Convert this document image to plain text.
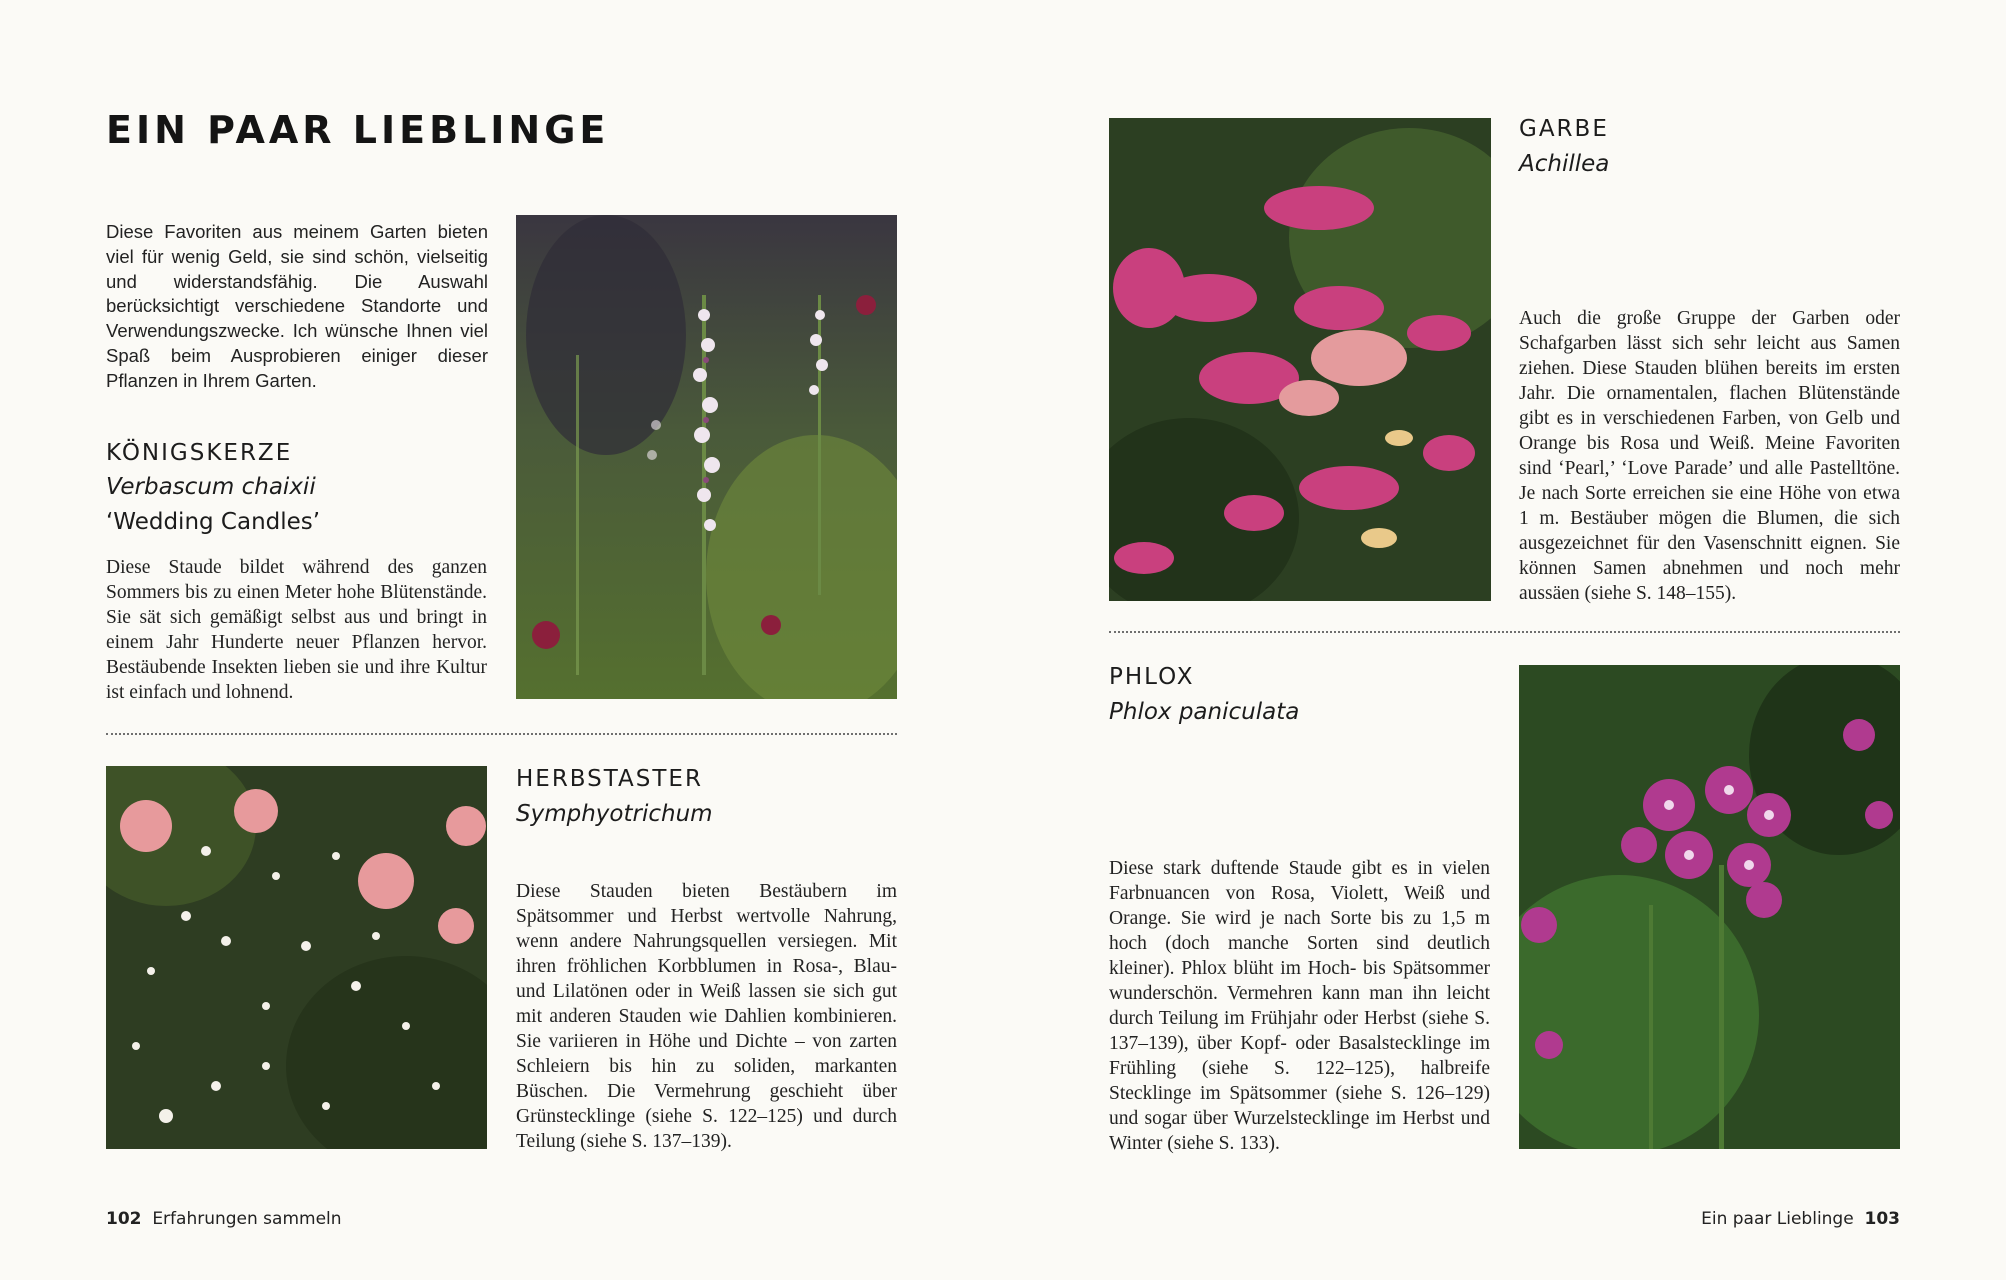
EIN PAAR LIEBLINGE
Diese Favoriten aus meinem Garten bieten viel für wenig Geld, sie sind schön, vielseitig und widerstandsfähig. Die Auswahl berücksichtigt verschiedene Standorte und Verwendungszwecke. Ich wünsche Ihnen viel Spaß beim Ausprobieren einiger dieser Pflanzen in Ihrem Garten.
KÖNIGSKERZE
Verbascum chaixii
‘Wedding Candles’
Diese Staude bildet während des ganzen Sommers bis zu einen Meter hohe Blütenstände. Sie sät sich gemäßigt selbst aus und bringt in einem Jahr Hunderte neuer Pflanzen hervor. Bestäubende Insekten lieben sie und ihre Kultur ist einfach und lohnend.
HERBSTASTER
Symphyotrichum
Diese Stauden bieten Bestäubern im Spätsommer und Herbst wertvolle Nahrung, wenn andere Nahrungsquellen versiegen. Mit ihren fröhlichen Korbblumen in Rosa-, Blau- und Lilatönen oder in Weiß lassen sie sich gut mit anderen Stauden wie Dahlien kombinieren. Sie variieren in Höhe und Dichte – von zarten Schleiern bis hin zu soliden, markanten Büschen. Die Vermehrung geschieht über Grünstecklinge (siehe S. 122–125) und durch Teilung (siehe S. 137–139).
102 Erfahrungen sammeln
GARBE
Achillea
Auch die große Gruppe der Garben oder Schafgarben lässt sich sehr leicht aus Samen ziehen. Diese Stauden blühen bereits im ersten Jahr. Die ornamentalen, flachen Blütenstände gibt es in verschiedenen Farben, von Gelb und Orange bis Rosa und Weiß. Meine Favoriten sind ‘Pearl,’ ‘Love Parade’ und alle Pastelltöne. Je nach Sorte erreichen sie eine Höhe von etwa 1 m. Bestäuber mögen die Blumen, die sich ausgezeichnet für den Vasenschnitt eignen. Sie können Samen abnehmen und noch mehr aussäen (siehe S. 148–155).
PHLOX
Phlox paniculata
Diese stark duftende Staude gibt es in vielen Farbnuancen von Rosa, Violett, Weiß und Orange. Sie wird je nach Sorte bis zu 1,5 m hoch (doch manche Sorten sind deutlich kleiner). Phlox blüht im Hoch- bis Spätsommer wunderschön. Vermehren kann man ihn leicht durch Teilung im Frühjahr oder Herbst (siehe S. 137–139), über Kopf- oder Basalstecklinge im Frühling (siehe S. 122–125), halbreife Stecklinge im Spätsommer (siehe S. 126–129) und sogar über Wurzelstecklinge im Herbst und Winter (siehe S. 133).
Ein paar Lieblinge 103
